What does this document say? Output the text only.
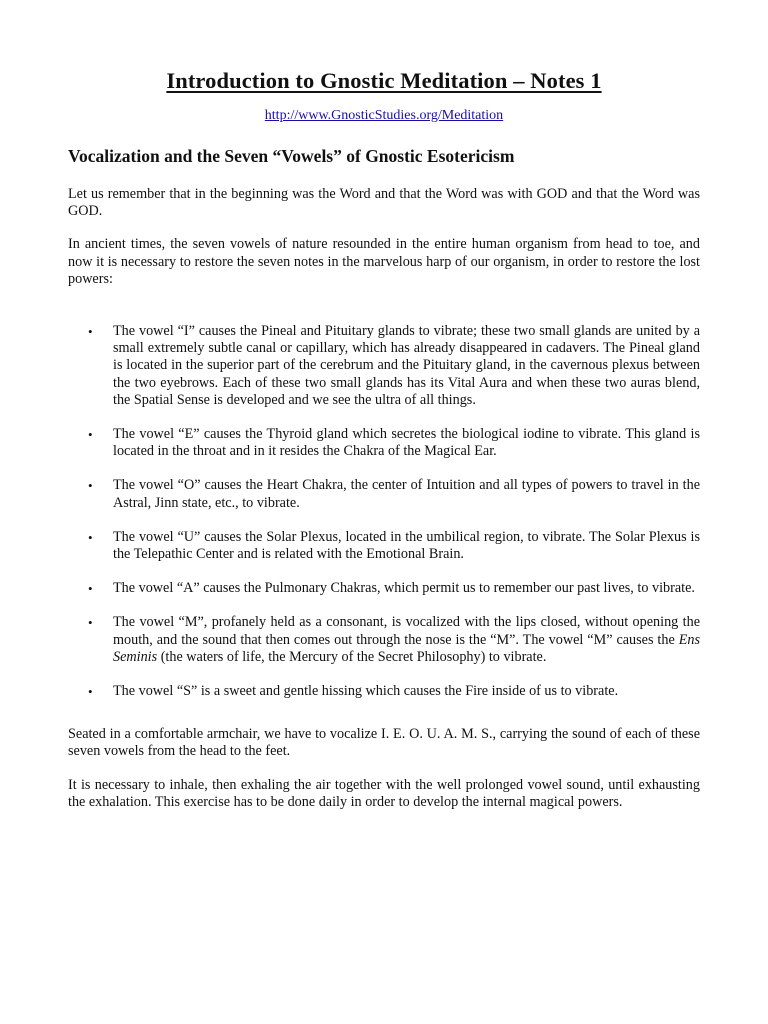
Introduction to Gnostic Meditation – Notes 1
http://www.GnosticStudies.org/Meditation
Vocalization and the Seven “Vowels” of Gnostic Esotericism

Let us remember that in the beginning was the Word and that the Word was with GOD and that the Word was GOD.

In ancient times, the seven vowels of nature resounded in the entire human organism from head to toe, and now it is necessary to restore the seven notes in the marvelous harp of our organism, in order to restore the lost powers:

• The vowel “I” causes the Pineal and Pituitary glands to vibrate; these two small glands are united by a small extremely subtle canal or capillary, which has already disappeared in cadavers. The Pineal gland is located in the superior part of the cerebrum and the Pituitary gland, in the cavernous plexus between the two eyebrows. Each of these two small glands has its Vital Aura and when these two auras blend, the Spatial Sense is developed and we see the ultra of all things.
• The vowel “E” causes the Thyroid gland which secretes the biological iodine to vibrate. This gland is located in the throat and in it resides the Chakra of the Magical Ear.
• The vowel “O” causes the Heart Chakra, the center of Intuition and all types of powers to travel in the Astral, Jinn state, etc., to vibrate.
• The vowel “U” causes the Solar Plexus, located in the umbilical region, to vibrate. The Solar Plexus is the Telepathic Center and is related with the Emotional Brain.
• The vowel “A” causes the Pulmonary Chakras, which permit us to remember our past lives, to vibrate.
• The vowel “M”, profanely held as a consonant, is vocalized with the lips closed, without opening the mouth, and the sound that then comes out through the nose is the “M”. The vowel “M” causes the Ens Seminis (the waters of life, the Mercury of the Secret Philosophy) to vibrate.
• The vowel “S” is a sweet and gentle hissing which causes the Fire inside of us to vibrate.

Seated in a comfortable armchair, we have to vocalize I. E. O. U. A. M. S., carrying the sound of each of these seven vowels from the head to the feet.

It is necessary to inhale, then exhaling the air together with the well prolonged vowel sound, until exhausting the exhalation. This exercise has to be done daily in order to develop the internal magical powers.
